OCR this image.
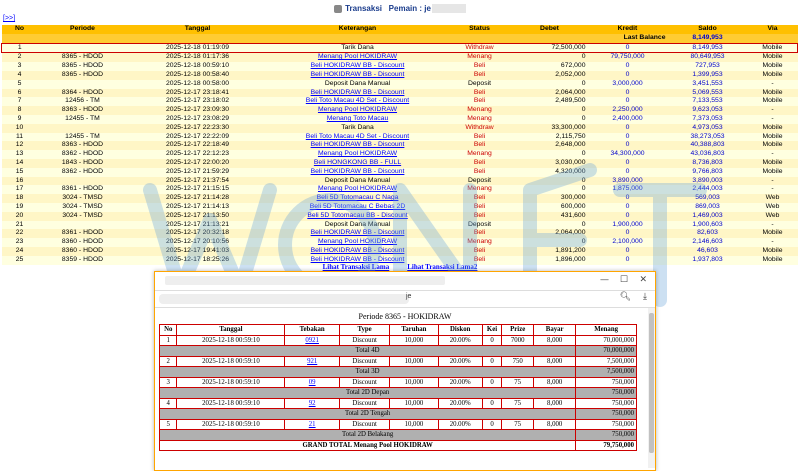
Transaksi Pemain : je
[>>]
No	Periode	Tanggal	Keterangan	Status	Debet	Kredit	Saldo	Via
Last Balance							8,149,953	
1		2025-12-18 01:19:09	Tarik Dana	Withdraw	72,500,000	0	8,149,953	Mobile
2	8365 - HDOD	2025-12-18 01:17:36	Menang Pool HOKIDRAW	Menang	0	79,750,000	80,649,953	Mobile
3	8365 - HDOD	2025-12-18 00:59:10	Beli HOKIDRAW BB - Discount	Beli	672,000	0	727,953	Mobile
4	8365 - HDOD	2025-12-18 00:58:40	Beli HOKIDRAW BB - Discount	Beli	2,052,000	0	1,399,953	Mobile
5		2025-12-18 00:58:00	Deposit Dana Manual	Deposit	0	3,000,000	3,451,553	-
6	8364 - HDOD	2025-12-17 23:18:41	Beli HOKIDRAW BB - Discount	Beli	2,064,000	0	5,069,553	Mobile
7	12456 - TM	2025-12-17 23:18:02	Beli Toto Macau 4D Set - Discount	Beli	2,489,500	0	7,133,553	Mobile
8	8363 - HDOD	2025-12-17 23:09:30	Menang Pool HOKIDRAW	Menang	0	2,250,000	9,623,053	-
9	12455 - TM	2025-12-17 23:08:29	Menang Toto Macau	Menang	0	2,400,000	7,373,053	-
10		2025-12-17 22:23:30	Tarik Dana	Withdraw	33,300,000	0	4,973,053	Mobile
11	12455 - TM	2025-12-17 22:22:09	Beli Toto Macau 4D Set - Discount	Beli	2,115,750	0	38,273,053	Mobile
12	8363 - HDOD	2025-12-17 22:18:49	Beli HOKIDRAW BB - Discount	Beli	2,648,000	0	40,388,803	Mobile
13	8362 - HDOD	2025-12-17 22:12:23	Menang Pool HOKIDRAW	Menang	0	34,300,000	43,036,803	-
14	1843 - HDOD	2025-12-17 22:00:20	Beli HONGKONG BB - FULL	Beli	3,030,000	0	8,736,803	Mobile
15	8362 - HDOD	2025-12-17 21:59:29	Beli HOKIDRAW BB - Discount	Beli	4,320,000	0	9,766,803	Mobile
16		2025-12-17 21:37:54	Deposit Dana Manual	Deposit	0	3,890,000	3,890,003	-
17	8361 - HDOD	2025-12-17 21:15:15	Menang Pool HOKIDRAW	Menang	0	1,875,000	2,444,003	-
18	3024 - TMSD	2025-12-17 21:14:28	Beli 5D Totomacau C Naga	Beli	300,000	0	569,003	Web
19	3024 - TMSD	2025-12-17 21:14:13	Beli 5D Totomacau C Bebas 2D	Beli	600,000	0	869,003	Web
20	3024 - TMSD	2025-12-17 21:13:50	Beli 5D Totomacau BB - Discount	Beli	431,600	0	1,469,003	Web
21		2025-12-17 21:13:21	Deposit Dana Manual	Deposit	0	1,900,000	1,900,603	-
22	8361 - HDOD	2025-12-17 20:32:18	Beli HOKIDRAW BB - Discount	Beli	2,064,000	0	82,603	Mobile
23	8360 - HDOD	2025-12-17 20:10:56	Menang Pool HOKIDRAW	Menang	0	2,100,000	2,146,603	-
24	8360 - HDOD	2025-12-17 19:41:03	Beli HOKIDRAW BB - Discount	Beli	1,891,200	0	46,603	Mobile
25	8359 - HDOD	2025-12-17 18:25:26	Beli HOKIDRAW BB - Discount	Beli	1,896,000	0	1,937,803	Mobile
Lihat Transaksi Lama	Lihat Transaksi Lama2
— ☐ ✕
je	🔍︎ ⤓
Periode 8365 - HOKIDRAW
No	Tanggal	Tebakan	Type	Taruhan	Diskon	Kei	Prize	Bayar	Menang
1	2025-12-18 00:59:10	0921	Discount	10,000	20.00%	0	7000	8,000	70,000,000
Total 4D									70,000,000
2	2025-12-18 00:59:10	921	Discount	10,000	20.00%	0	750	8,000	7,500,000
Total 3D									7,500,000
3	2025-12-18 00:59:10	09	Discount	10,000	20.00%	0	75	8,000	750,000
Total 2D Depan									750,000
4	2025-12-18 00:59:10	92	Discount	10,000	20.00%	0	75	8,000	750,000
Total 2D Tengah									750,000
5	2025-12-18 00:59:10	21	Discount	10,000	20.00%	0	75	8,000	750,000
Total 2D Belakang									750,000
GRAND TOTAL Menang Pool HOKIDRAW									79,750,000
